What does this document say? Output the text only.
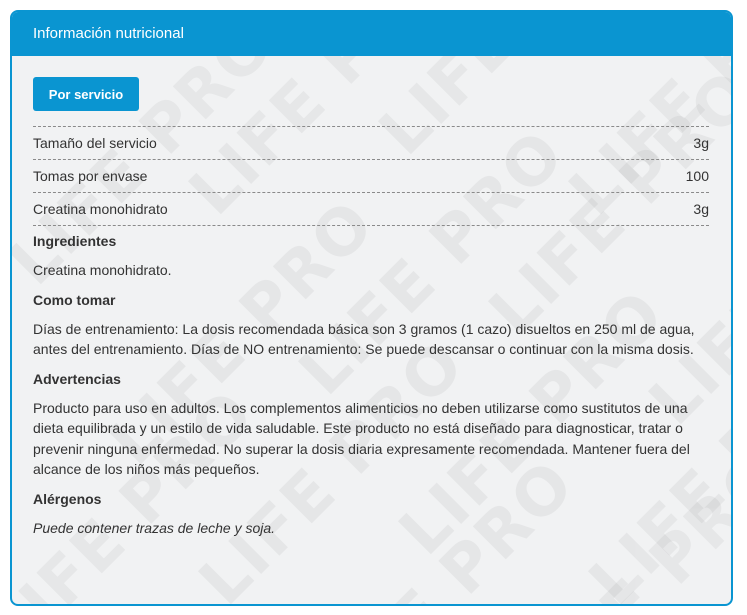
Información nutricional
Por servicio
Tamaño del servicio	3g
Tomas por envase	100
Creatina monohidrato	3g
Ingredientes
Creatina monohidrato.
Como tomar
Días de entrenamiento: La dosis recomendada básica son 3 gramos (1 cazo) disueltos en 250 ml de agua, antes del entrenamiento. Días de NO entrenamiento: Se puede descansar o continuar con la misma dosis.
Advertencias
Producto para uso en adultos. Los complementos alimenticios no deben utilizarse como sustitutos de una dieta equilibrada y un estilo de vida saludable. Este producto no está diseñado para diagnosticar, tratar o prevenir ninguna enfermedad. No superar la dosis diaria expresamente recomendada. Mantener fuera del alcance de los niños más pequeños.
Alérgenos
Puede contener trazas de leche y soja.
